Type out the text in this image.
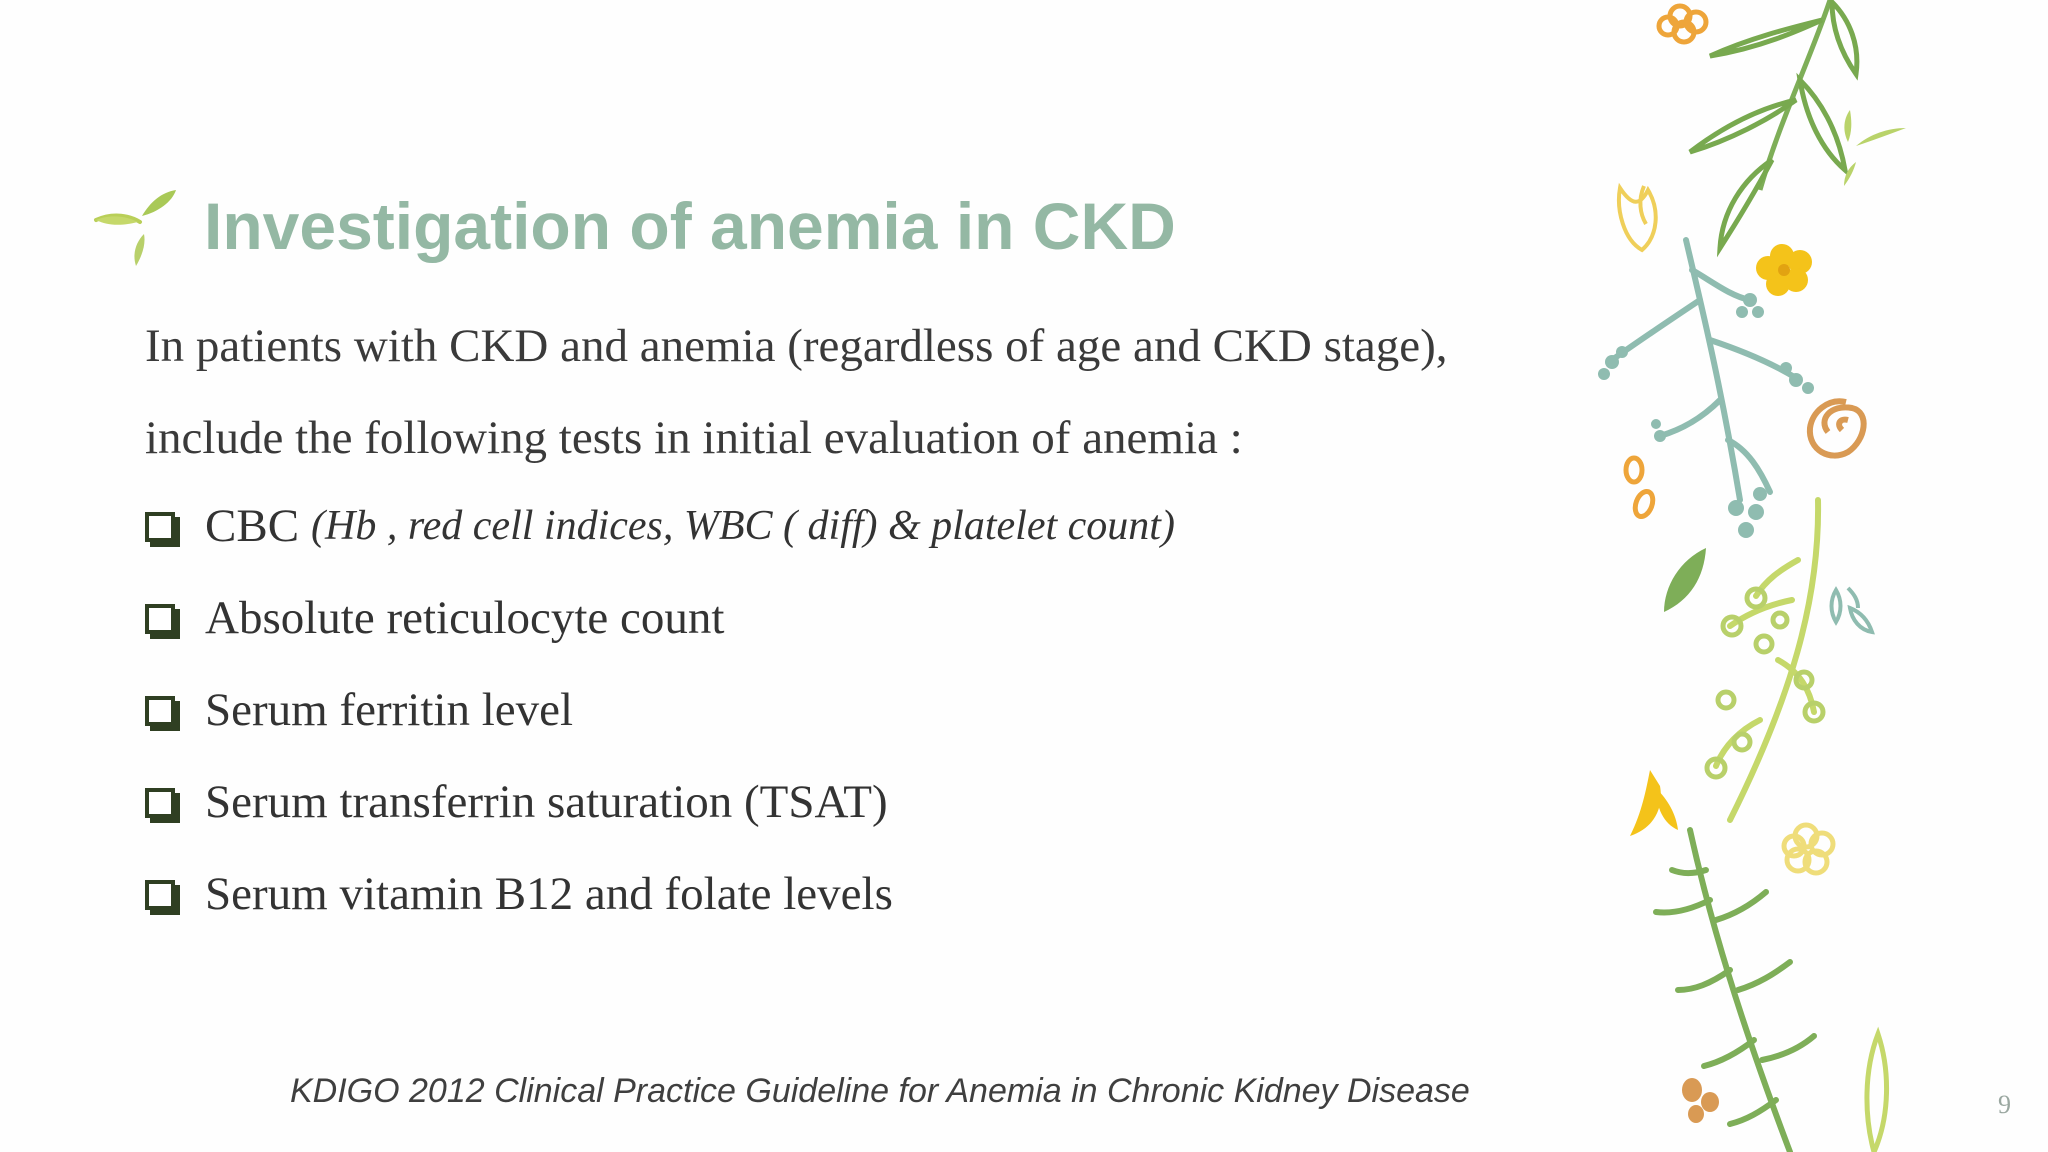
Investigation of anemia in CKD
In patients with CKD and anemia (regardless of age and CKD stage),
include the following tests in initial evaluation of anemia :
CBC (Hb , red cell indices, WBC ( diff) & platelet count)
Absolute reticulocyte count
Serum ferritin level
Serum transferrin saturation (TSAT)
Serum vitamin B12 and folate levels
KDIGO 2012 Clinical Practice Guideline for Anemia in Chronic Kidney Disease	9
